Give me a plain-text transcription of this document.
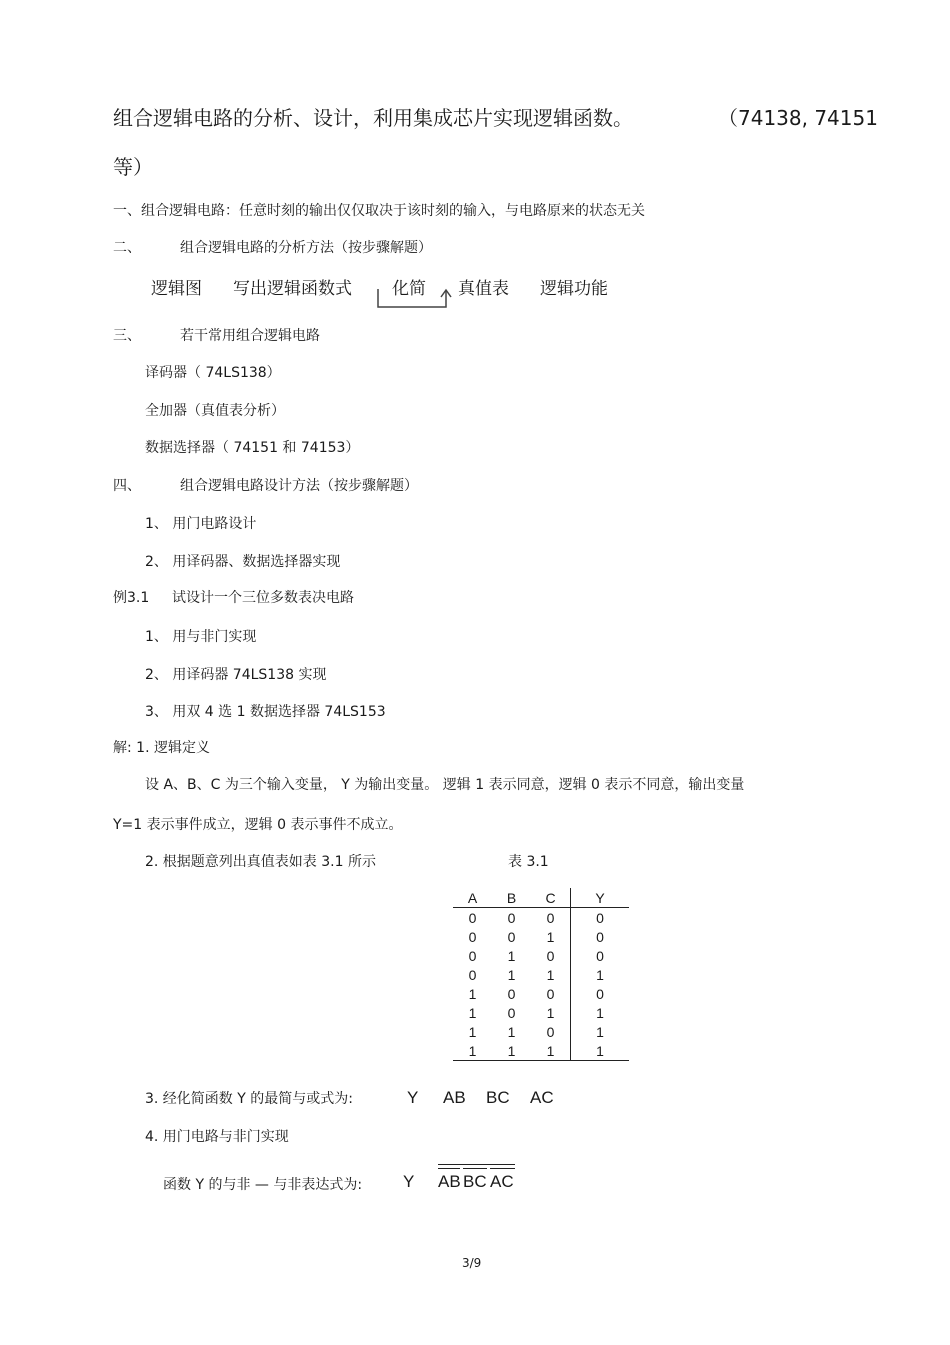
组合逻辑电路的分析、设计，利用集成芯片实现逻辑函数。	（74138, 74151
等）
一、组合逻辑电路：任意时刻的输出仅仅取决于该时刻的输入，与电路原来的状态无关
二、	组合逻辑电路的分析方法（按步骤解题）
逻辑图 写出逻辑函数式 化简 真值表 逻辑功能
三、	若干常用组合逻辑电路
译码器（ 74LS138）
全加器（真值表分析）
数据选择器（ 74151 和 74153）
四、	组合逻辑电路设计方法（按步骤解题）
1、 用门电路设计
2、 用译码器、数据选择器实现
例3.1 试设计一个三位多数表决电路
1、 用与非门实现
2、 用译码器 74LS138 实现
3、 用双 4 选 1 数据选择器 74LS153
解: 1. 逻辑定义
设 A、B、C 为三个输入变量， Y 为输出变量。 逻辑 1 表示同意，逻辑 0 表示不同意，输出变量
Y=1 表示事件成立，逻辑 0 表示事件不成立。
2. 根据题意列出真值表如表 3.1 所示	表 3.1
A	B	C	Y
0	0	0	0
0	0	1	0
0	1	0	0
0	1	1	1
1	0	0	0
1	0	1	1
1	1	0	1
1	1	1	1
3. 经化简函数 Y 的最简与或式为:	Y AB BC AC
4. 用门电路与非门实现
函数 Y 的与非 — 与非表达式为: Y AB BC AC
3/9
